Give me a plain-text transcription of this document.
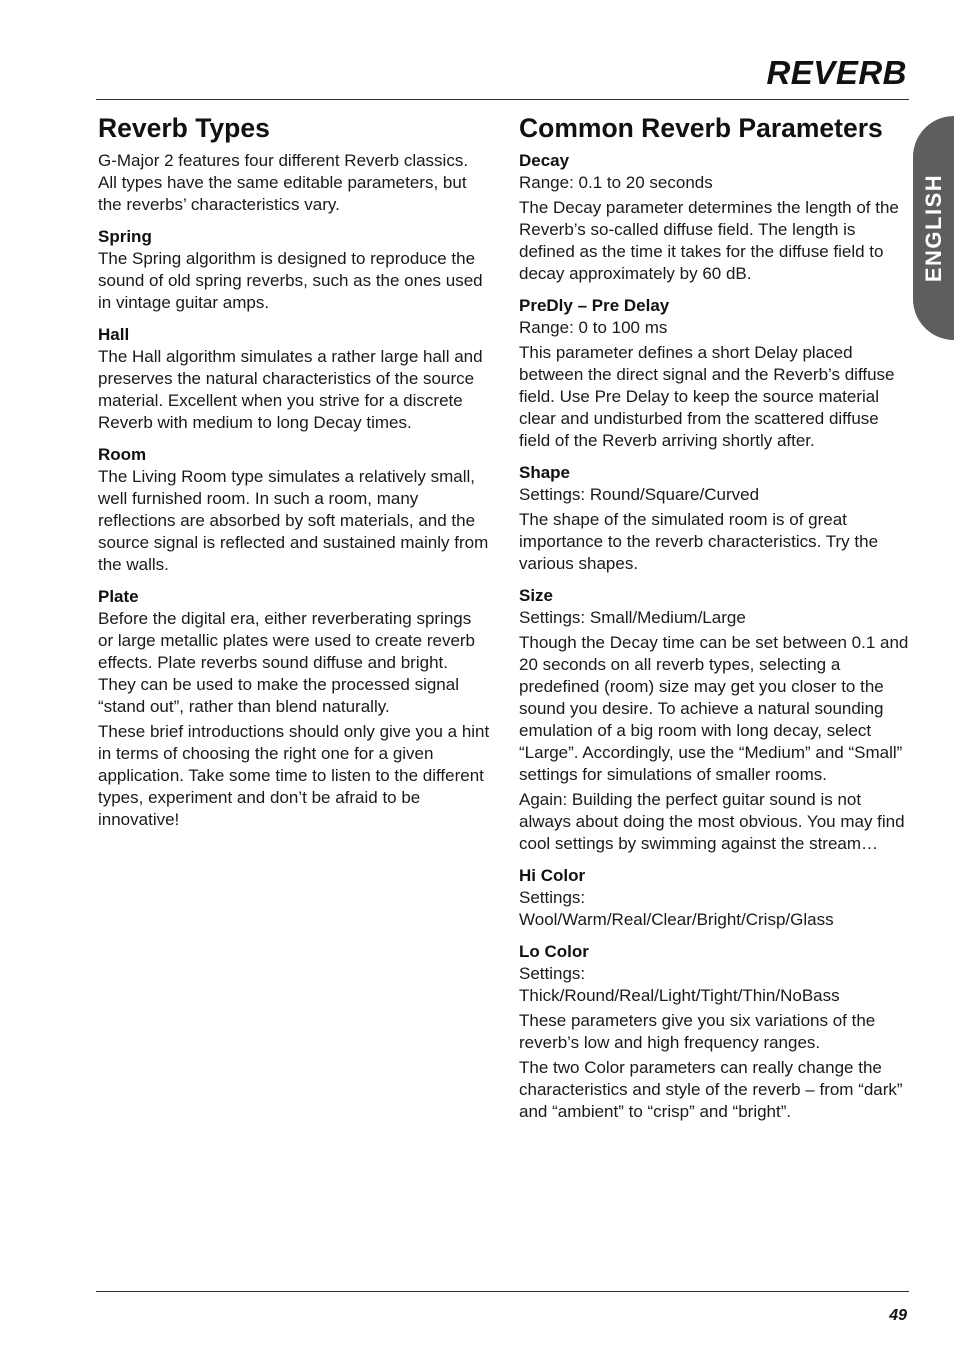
REVERB
ENGLISH
Reverb Types

G-Major 2 features four different Reverb classics. All types have the same editable parameters, but the reverbs’ characteristics vary.

Spring

The Spring algorithm is designed to reproduce the sound of old spring reverbs, such as the ones used in vintage guitar amps.

Hall

The Hall algorithm simulates a rather large hall and preserves the natural characteristics of the source material. Excellent when you strive for a discrete Reverb with medium to long Decay times.

Room

The Living Room type simulates a relatively small, well furnished room. In such a room, many reflections are absorbed by soft materials, and the source signal is reflected and sustained mainly from the walls.

Plate

Before the digital era, either reverberating springs or large metallic plates were used to create reverb effects. Plate reverbs sound diffuse and bright. They can be used to make the processed signal “stand out”, rather than blend naturally.

These brief introductions should only give you a hint in terms of choosing the right one for a given application. Take some time to listen to the different types, experiment and don’t be afraid to be innovative!

Common Reverb Parameters
Decay

Range: 0.1 to 20 seconds

The Decay parameter determines the length of the Reverb’s so-called diffuse field. The length is defined as the time it takes for the diffuse field to decay approximately by 60 dB.

PreDly – Pre Delay

Range: 0 to 100 ms

This parameter defines a short Delay placed between the direct signal and the Reverb’s diffuse field. Use Pre Delay to keep the source material clear and undisturbed from the scattered diffuse field of the Reverb arriving shortly after.

Shape

Settings: Round/Square/Curved

The shape of the simulated room is of great importance to the reverb characteristics. Try the various shapes.

Size

Settings: Small/Medium/Large

Though the Decay time can be set between 0.1 and 20 seconds on all reverb types, selecting a predefined (room) size may get you closer to the sound you desire. To achieve a natural sounding emulation of a big room with long decay, select “Large”. Accordingly, use the “Medium” and “Small” settings for simulations of smaller rooms.

Again: Building the perfect guitar sound is not always about doing the most obvious. You may find cool settings by swimming against the stream…

Hi Color

Settings:

Wool/Warm/Real/Clear/Bright/Crisp/Glass

Lo Color

Settings:

Thick/Round/Real/Light/Tight/Thin/NoBass

These parameters give you six variations of the reverb’s low and high frequency ranges.

The two Color parameters can really change the characteristics and style of the reverb – from “dark” and “ambient” to “crisp” and “bright”.

49
